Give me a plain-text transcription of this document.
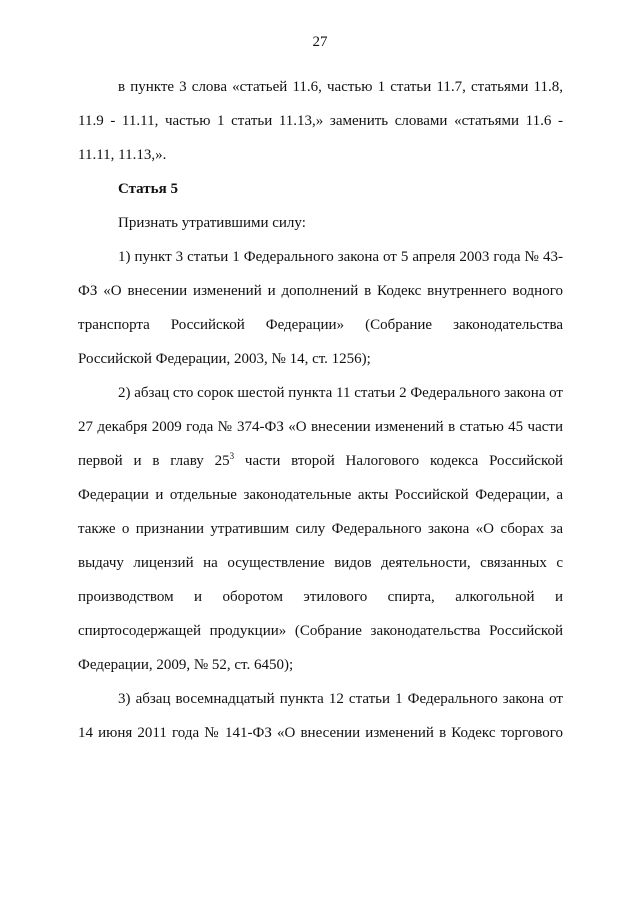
27

в пункте 3 слова «статьей 11.6, частью 1 статьи 11.7, статьями 11.8, 11.9 - 11.11, частью 1 статьи 11.13,» заменить словами «статьями 11.6 - 11.11, 11.13,».

Статья 5

Признать утратившими силу:

1) пункт 3 статьи 1 Федерального закона от 5 апреля 2003 года № 43-ФЗ «О внесении изменений и дополнений в Кодекс внутреннего водного транспорта Российской Федерации» (Собрание законодательства Российской Федерации, 2003, № 14, ст. 1256);

2) абзац сто сорок шестой пункта 11 статьи 2 Федерального закона от 27 декабря 2009 года № 374-ФЗ «О внесении изменений в статью 45 части первой и в главу $25^3$ части второй Налогового кодекса Российской Федерации и отдельные законодательные акты Российской Федерации, а также о признании утратившим силу Федерального закона «О сборах за выдачу лицензий на осуществление видов деятельности, связанных с производством и оборотом этилового спирта, алкогольной и спиртосодержащей продукции» (Собрание законодательства Российской Федерации, 2009, № 52, ст. 6450);

3) абзац восемнадцатый пункта 12 статьи 1 Федерального закона от 14 июня 2011 года № 141-ФЗ «О внесении изменений в Кодекс торгового
